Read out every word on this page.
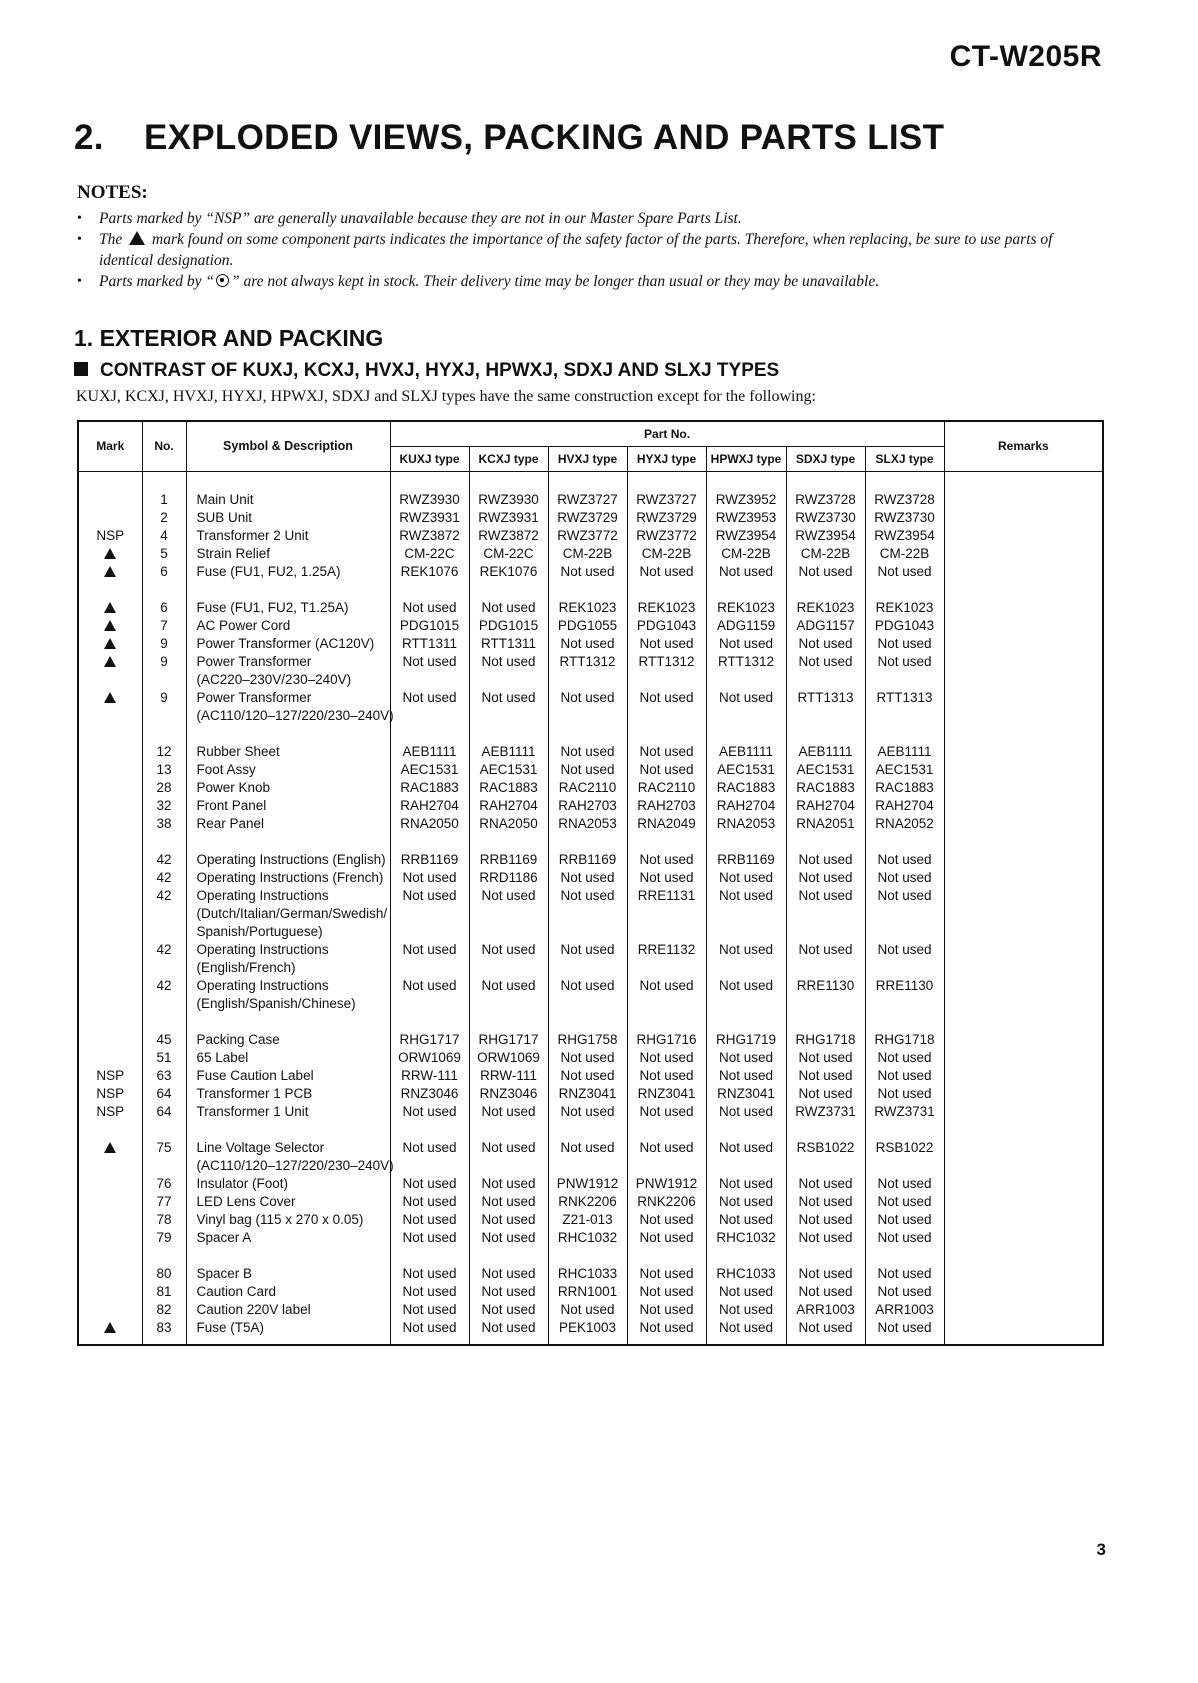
CT-W205R
2. EXPLODED VIEWS, PACKING AND PARTS LIST
NOTES:
• Parts marked by “NSP” are generally unavailable because they are not in our Master Spare Parts List.
• The mark found on some component parts indicates the importance of the safety factor of the parts. Therefore, when replacing, be sure to use parts of identical designation.
• Parts marked by “ ” are not always kept in stock. Their delivery time may be longer than usual or they may be unavailable.
1. EXTERIOR AND PACKING
CONTRAST OF KUXJ, KCXJ, HVXJ, HYXJ, HPWXJ, SDXJ AND SLXJ TYPES
KUXJ, KCXJ, HVXJ, HYXJ, HPWXJ, SDXJ and SLXJ types have the same construction except for the following:
Mark	No.	Symbol & Description	Part No.							Remarks
			KUXJ type	KCXJ type	HVXJ type	HYXJ type	HPWXJ type	SDXJ type	SLXJ type	

	1	Main Unit	RWZ3930	RWZ3930	RWZ3727	RWZ3727	RWZ3952	RWZ3728	RWZ3728	
	2	SUB Unit	RWZ3931	RWZ3931	RWZ3729	RWZ3729	RWZ3953	RWZ3730	RWZ3730	
NSP	4	Transformer 2 Unit	RWZ3872	RWZ3872	RWZ3772	RWZ3772	RWZ3954	RWZ3954	RWZ3954	
	5	Strain Relief	CM-22C	CM-22C	CM-22B	CM-22B	CM-22B	CM-22B	CM-22B	
	6	Fuse (FU1, FU2, 1.25A)	REK1076	REK1076	Not used	Not used	Not used	Not used	Not used	

	6	Fuse (FU1, FU2, T1.25A)	Not used	Not used	REK1023	REK1023	REK1023	REK1023	REK1023	
	7	AC Power Cord	PDG1015	PDG1015	PDG1055	PDG1043	ADG1159	ADG1157	PDG1043	
	9	Power Transformer (AC120V)	RTT1311	RTT1311	Not used	Not used	Not used	Not used	Not used	
	9	Power Transformer	Not used	Not used	RTT1312	RTT1312	RTT1312	Not used	Not used	
		(AC220–230V/230–240V)								
	9	Power Transformer	Not used	Not used	Not used	Not used	Not used	RTT1313	RTT1313	
		(AC110/120–127/220/230–240V)								

	12	Rubber Sheet	AEB1111	AEB1111	Not used	Not used	AEB1111	AEB1111	AEB1111	
	13	Foot Assy	AEC1531	AEC1531	Not used	Not used	AEC1531	AEC1531	AEC1531	
	28	Power Knob	RAC1883	RAC1883	RAC2110	RAC2110	RAC1883	RAC1883	RAC1883	
	32	Front Panel	RAH2704	RAH2704	RAH2703	RAH2703	RAH2704	RAH2704	RAH2704	
	38	Rear Panel	RNA2050	RNA2050	RNA2053	RNA2049	RNA2053	RNA2051	RNA2052	

	42	Operating Instructions (English)	RRB1169	RRB1169	RRB1169	Not used	RRB1169	Not used	Not used	
	42	Operating Instructions (French)	Not used	RRD1186	Not used	Not used	Not used	Not used	Not used	
	42	Operating Instructions	Not used	Not used	Not used	RRE1131	Not used	Not used	Not used	
		(Dutch/Italian/German/Swedish/								
		Spanish/Portuguese)								
	42	Operating Instructions	Not used	Not used	Not used	RRE1132	Not used	Not used	Not used	
		(English/French)								
	42	Operating Instructions	Not used	Not used	Not used	Not used	Not used	RRE1130	RRE1130	
		(English/Spanish/Chinese)								

	45	Packing Case	RHG1717	RHG1717	RHG1758	RHG1716	RHG1719	RHG1718	RHG1718	
	51	65 Label	ORW1069	ORW1069	Not used	Not used	Not used	Not used	Not used	
NSP	63	Fuse Caution Label	RRW-111	RRW-111	Not used	Not used	Not used	Not used	Not used	
NSP	64	Transformer 1 PCB	RNZ3046	RNZ3046	RNZ3041	RNZ3041	RNZ3041	Not used	Not used	
NSP	64	Transformer 1 Unit	Not used	Not used	Not used	Not used	Not used	RWZ3731	RWZ3731	

	75	Line Voltage Selector	Not used	Not used	Not used	Not used	Not used	RSB1022	RSB1022	
		(AC110/120–127/220/230–240V)								
	76	Insulator (Foot)	Not used	Not used	PNW1912	PNW1912	Not used	Not used	Not used	
	77	LED Lens Cover	Not used	Not used	RNK2206	RNK2206	Not used	Not used	Not used	
	78	Vinyl bag (115 x 270 x 0.05)	Not used	Not used	Z21-013	Not used	Not used	Not used	Not used	
	79	Spacer A	Not used	Not used	RHC1032	Not used	RHC1032	Not used	Not used	

	80	Spacer B	Not used	Not used	RHC1033	Not used	RHC1033	Not used	Not used	
	81	Caution Card	Not used	Not used	RRN1001	Not used	Not used	Not used	Not used	
	82	Caution 220V label	Not used	Not used	Not used	Not used	Not used	ARR1003	ARR1003	
	83	Fuse (T5A)	Not used	Not used	PEK1003	Not used	Not used	Not used	Not used	

3
